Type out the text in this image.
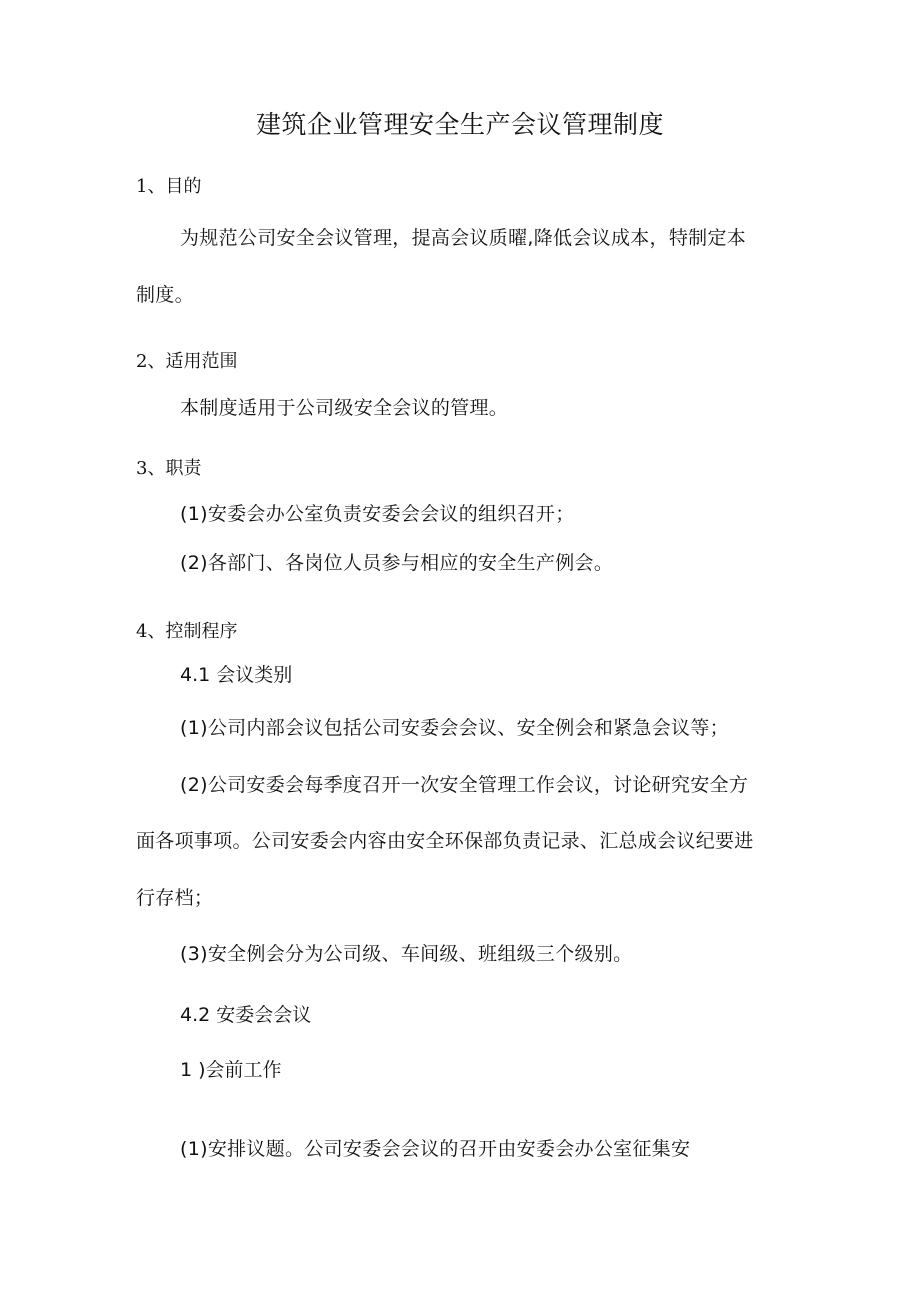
建筑企业管理安全生产会议管理制度
1、目的
为规范公司安全会议管理，提高会议质曜,降低会议成本，特制定本
制度。
2、适用范围
本制度适用于公司级安全会议的管理。
3、职责
(1)安委会办公室负责安委会会议的组织召开；
(2)各部门、各岗位人员参与相应的安全生产例会。
4、控制程序
4.1 会议类别
(1)公司内部会议包括公司安委会会议、安全例会和紧急会议等；
(2)公司安委会每季度召开一次安全管理工作会议，讨论研究安全方
面各项事项。公司安委会内容由安全环保部负责记录、汇总成会议纪要进
行存档；
(3)安全例会分为公司级、车间级、班组级三个级别。
4.2 安委会会议
1 )会前工作
(1)安排议题。公司安委会会议的召开由安委会办公室征集安
